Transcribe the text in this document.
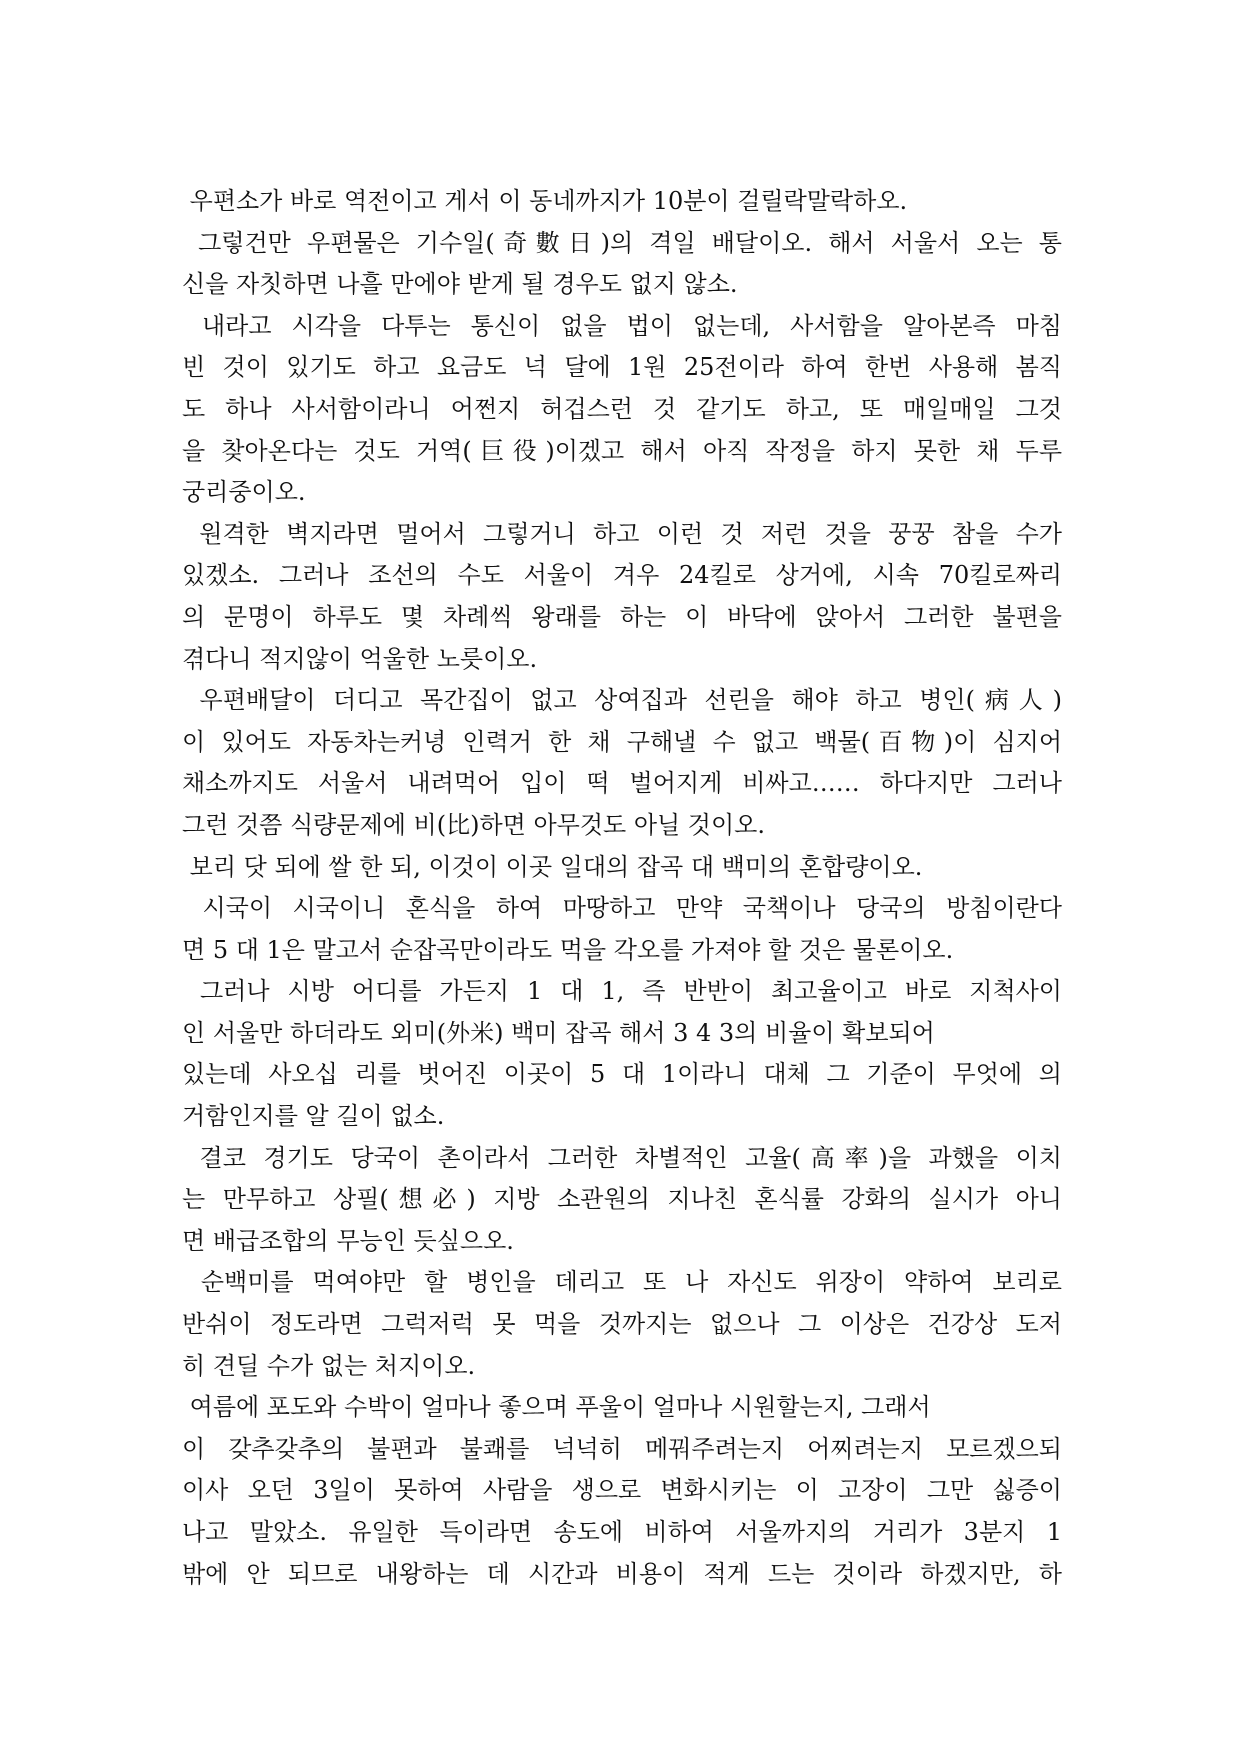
우편소가 바로 역전이고 게서 이 동네까지가 10분이 걸릴락말락하오.
그렇건만 우편물은 기수일(奇數日)의 격일 배달이오. 해서 서울서 오는 통
신을 자칫하면 나흘 만에야 받게 될 경우도 없지 않소.
내라고 시각을 다투는 통신이 없을 법이 없는데, 사서함을 알아본즉 마침
빈 것이 있기도 하고 요금도 넉 달에 1원 25전이라 하여 한번 사용해 봄직
도 하나 사서함이라니 어쩐지 허겁스런 것 같기도 하고, 또 매일매일 그것
을 찾아온다는 것도 거역(巨役)이겠고 해서 아직 작정을 하지 못한 채 두루
궁리중이오.
원격한 벽지라면 멀어서 그렇거니 하고 이런 것 저런 것을 꿍꿍 참을 수가
있겠소. 그러나 조선의 수도 서울이 겨우 24킬로 상거에, 시속 70킬로짜리
의 문명이 하루도 몇 차례씩 왕래를 하는 이 바닥에 앉아서 그러한 불편을
겪다니 적지않이 억울한 노릇이오.
우편배달이 더디고 목간집이 없고 상여집과 선린을 해야 하고 병인(病人)
이 있어도 자동차는커녕 인력거 한 채 구해낼 수 없고 백물(百物)이 심지어
채소까지도 서울서 내려먹어 입이 떡 벌어지게 비싸고…… 하다지만 그러나
그런 것쯤 식량문제에 비(比)하면 아무것도 아닐 것이오.
보리 닷 되에 쌀 한 되, 이것이 이곳 일대의 잡곡 대 백미의 혼합량이오.
시국이 시국이니 혼식을 하여 마땅하고 만약 국책이나 당국의 방침이란다
면 5 대 1은 말고서 순잡곡만이라도 먹을 각오를 가져야 할 것은 물론이오.
그러나 시방 어디를 가든지 1 대 1, 즉 반반이 최고율이고 바로 지척사이
인 서울만 하더라도 외미(外米) 백미 잡곡 해서 3 4 3의 비율이 확보되어
있는데 사오십 리를 벗어진 이곳이 5 대 1이라니 대체 그 기준이 무엇에 의
거함인지를 알 길이 없소.
결코 경기도 당국이 촌이라서 그러한 차별적인 고율(高率)을 과했을 이치
는 만무하고 상필(想必) 지방 소관원의 지나친 혼식률 강화의 실시가 아니
면 배급조합의 무능인 듯싶으오.
순백미를 먹여야만 할 병인을 데리고 또 나 자신도 위장이 약하여 보리로
반쉬이 정도라면 그럭저럭 못 먹을 것까지는 없으나 그 이상은 건강상 도저
히 견딜 수가 없는 처지이오.
여름에 포도와 수박이 얼마나 좋으며 푸울이 얼마나 시원할는지, 그래서
이 갖추갖추의 불편과 불쾌를 넉넉히 메꿔주려는지 어찌려는지 모르겠으되
이사 오던 3일이 못하여 사람을 생으로 변화시키는 이 고장이 그만 싫증이
나고 말았소. 유일한 득이라면 송도에 비하여 서울까지의 거리가 3분지 1
밖에 안 되므로 내왕하는 데 시간과 비용이 적게 드는 것이라 하겠지만, 하
